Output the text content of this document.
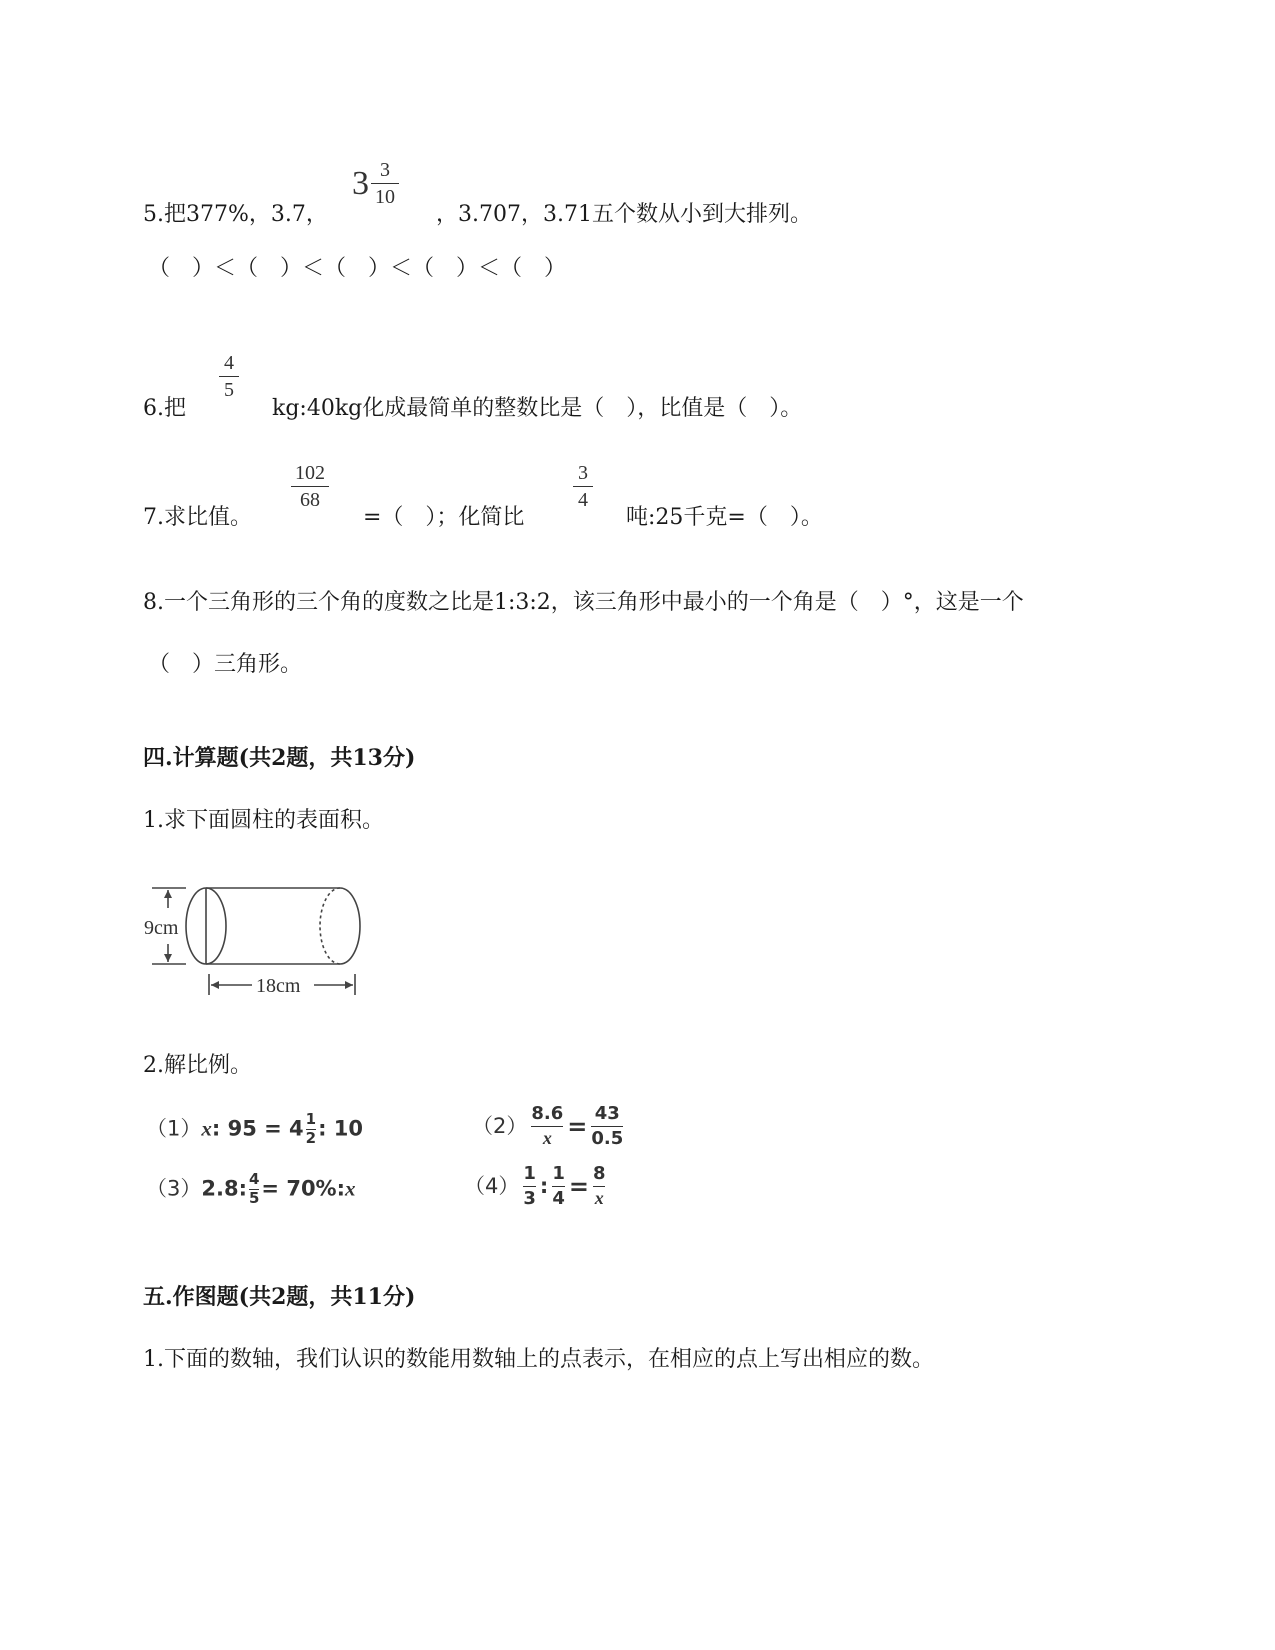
3 3
10
5.把377%，3.7，	，3.707，3.71五个数从小到大排列。
（　）＜（　）＜（　）＜（　）＜（　）
4
5
6.把	kg:40kg化成最简单的整数比是（　），比值是（　）。
102
68
3
4
7.求比值。	=（　）；化简比	吨:25千克=（　）。
8.一个三角形的三个角的度数之比是1:3:2，该三角形中最小的一个角是（　）°，这是一个
（　）三角形。
四.计算题(共2题，共13分)
1.求下面圆柱的表面积。
9cm
18cm
2.解比例。
（1）x: $95 = 4 \frac{1}{2}$ : 10	$(2) \frac{8.6}{x} = \frac{43}{0.5}$
（3）2.8: $\frac{4}{5}$ = 70%:x	$(4) \frac{1}{3}$ : $\frac{1}{4} = \frac{8}{x}$
五.作图题(共2题，共11分)
1.下面的数轴，我们认识的数能用数轴上的点表示，在相应的点上写出相应的数。
